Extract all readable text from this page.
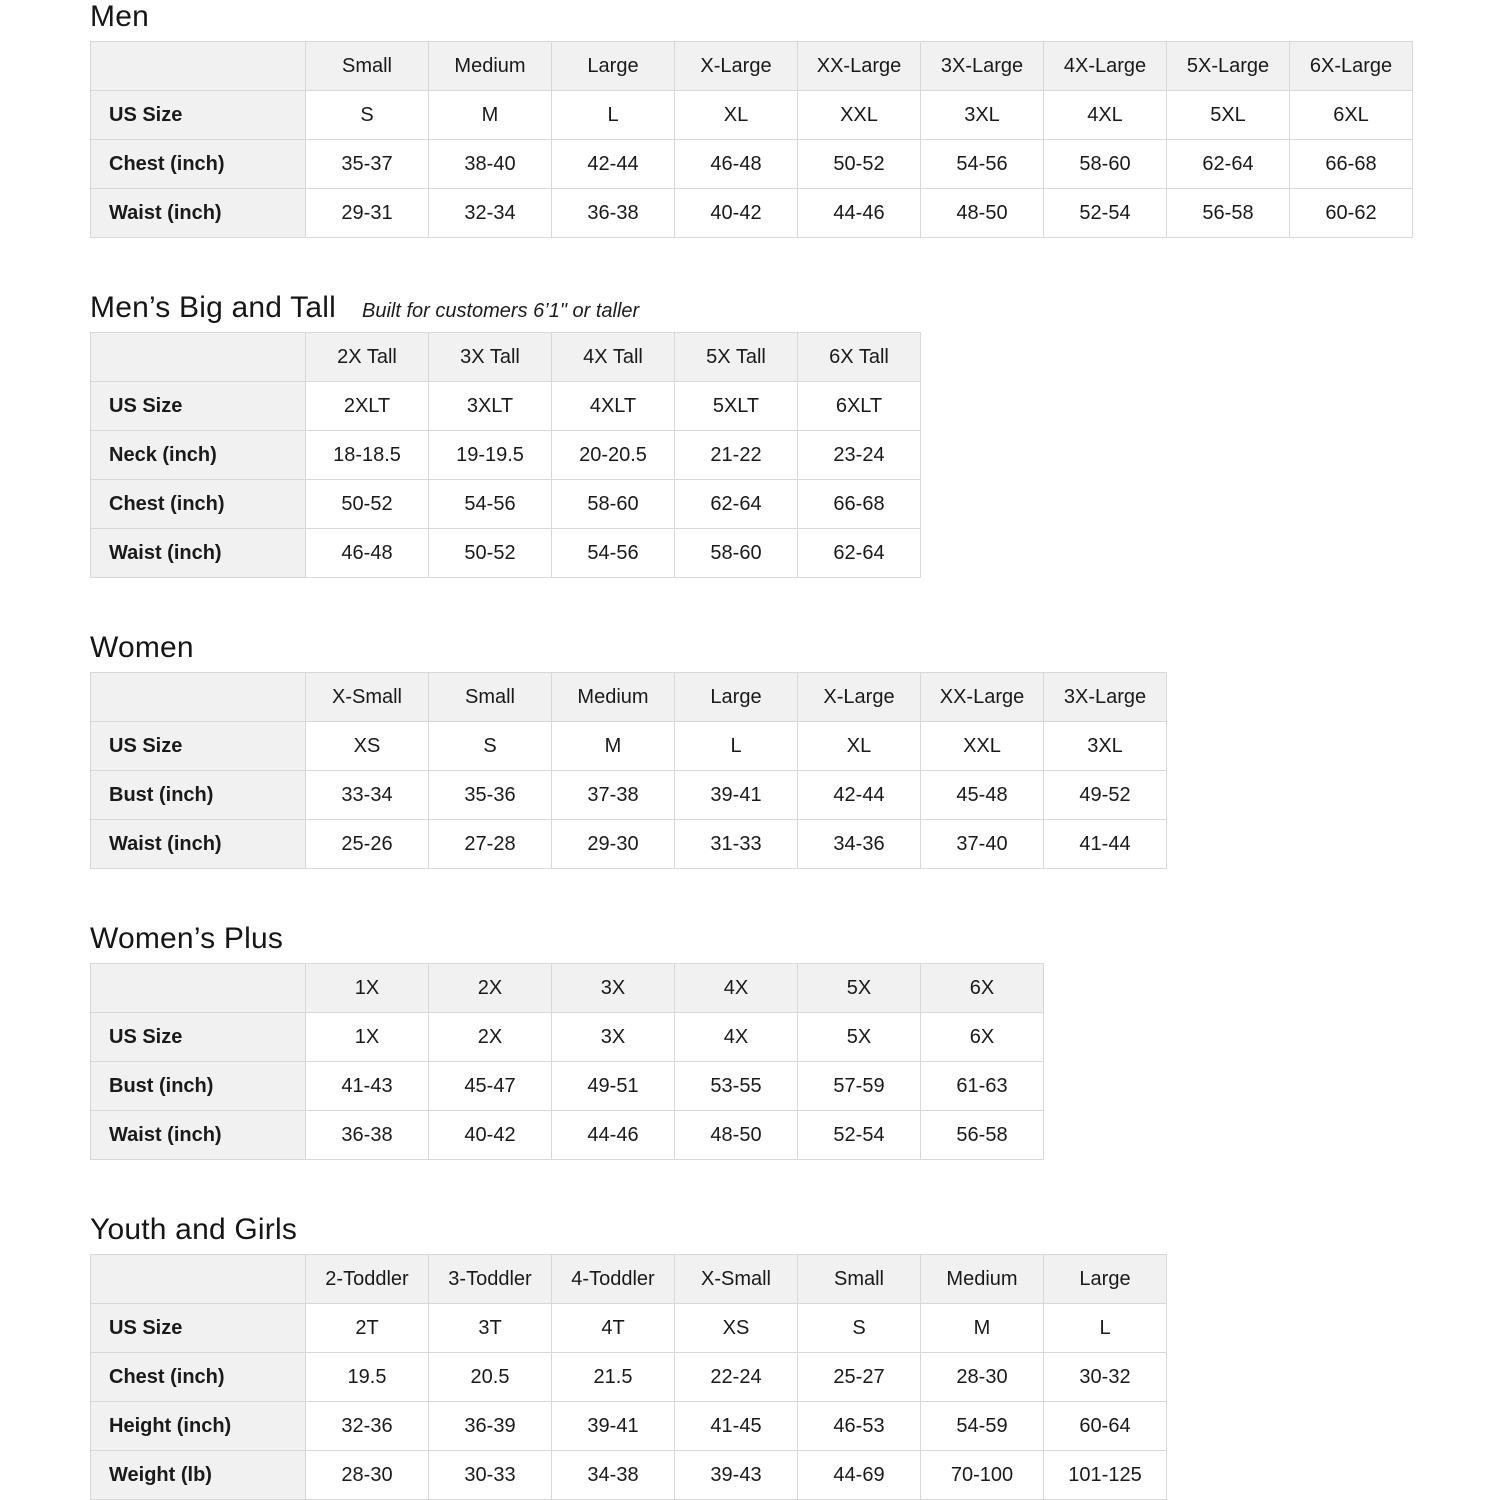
Men
	Small	Medium	Large	X-Large	XX-Large	3X-Large	4X-Large	5X-Large	6X-Large
US Size	S	M	L	XL	XXL	3XL	4XL	5XL	6XL
Chest (inch)	35-37	38-40	42-44	46-48	50-52	54-56	58-60	62-64	66-68
Waist (inch)	29-31	32-34	36-38	40-42	44-46	48-50	52-54	56-58	60-62
Men’s Big and Tall Built for customers 6’1" or taller
	2X Tall	3X Tall	4X Tall	5X Tall	6X Tall
US Size	2XLT	3XLT	4XLT	5XLT	6XLT
Neck (inch)	18-18.5	19-19.5	20-20.5	21-22	23-24
Chest (inch)	50-52	54-56	58-60	62-64	66-68
Waist (inch)	46-48	50-52	54-56	58-60	62-64
Women
	X-Small	Small	Medium	Large	X-Large	XX-Large	3X-Large
US Size	XS	S	M	L	XL	XXL	3XL
Bust (inch)	33-34	35-36	37-38	39-41	42-44	45-48	49-52
Waist (inch)	25-26	27-28	29-30	31-33	34-36	37-40	41-44
Women’s Plus
	1X	2X	3X	4X	5X	6X
US Size	1X	2X	3X	4X	5X	6X
Bust (inch)	41-43	45-47	49-51	53-55	57-59	61-63
Waist (inch)	36-38	40-42	44-46	48-50	52-54	56-58
Youth and Girls
	2-Toddler	3-Toddler	4-Toddler	X-Small	Small	Medium	Large
US Size	2T	3T	4T	XS	S	M	L
Chest (inch)	19.5	20.5	21.5	22-24	25-27	28-30	30-32
Height (inch)	32-36	36-39	39-41	41-45	46-53	54-59	60-64
Weight (lb)	28-30	30-33	34-38	39-43	44-69	70-100	101-125
